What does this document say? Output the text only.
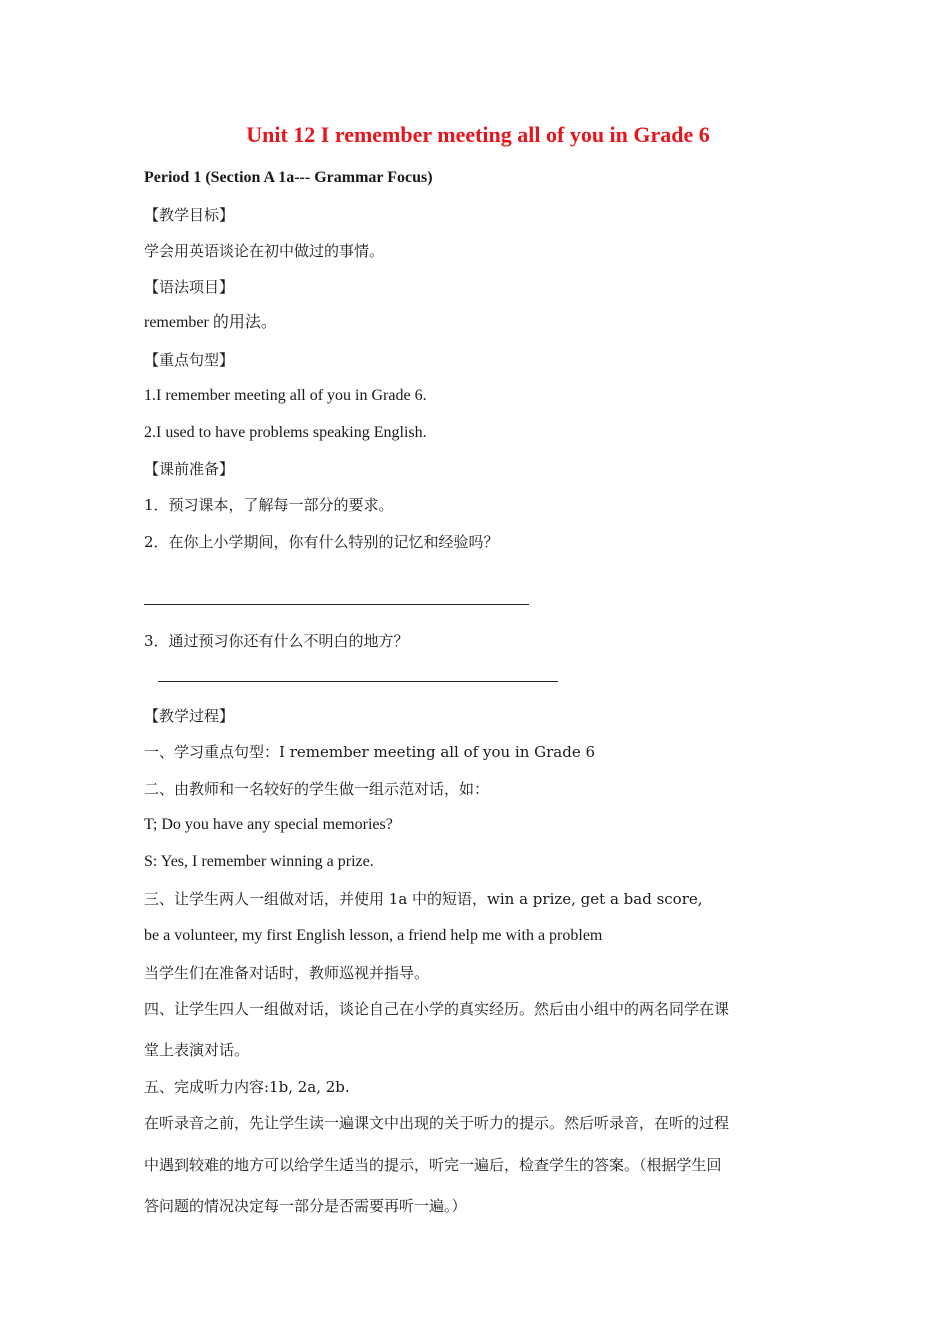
Unit 12 I remember meeting all of you in Grade 6
Period 1 (Section A 1a--- Grammar Focus)
【教学目标】
学会用英语谈论在初中做过的事情。
【语法项目】
remember 的用法。
【重点句型】
1.I remember meeting all of you in Grade 6.
2.I used to have problems speaking English.
【课前准备】
1．预习课本，了解每一部分的要求。
2．在你上小学期间，你有什么特别的记忆和经验吗？
3．通过预习你还有什么不明白的地方？
【教学过程】
一、学习重点句型：I remember meeting all of you in Grade 6
二、由教师和一名较好的学生做一组示范对话，如：
T; Do you have any special memories?
S: Yes, I remember winning a prize.
三、让学生两人一组做对话，并使用 1a 中的短语，win a prize, get a bad score,
be a volunteer, my first English lesson, a friend help me with a problem
当学生们在准备对话时，教师巡视并指导。
四、让学生四人一组做对话，谈论自己在小学的真实经历。然后由小组中的两名同学在课
堂上表演对话。
五、完成听力内容:1b, 2a, 2b.
在听录音之前，先让学生读一遍课文中出现的关于听力的提示。然后听录音，在听的过程
中遇到较难的地方可以给学生适当的提示，听完一遍后，检查学生的答案。（根据学生回
答问题的情况决定每一部分是否需要再听一遍。）
